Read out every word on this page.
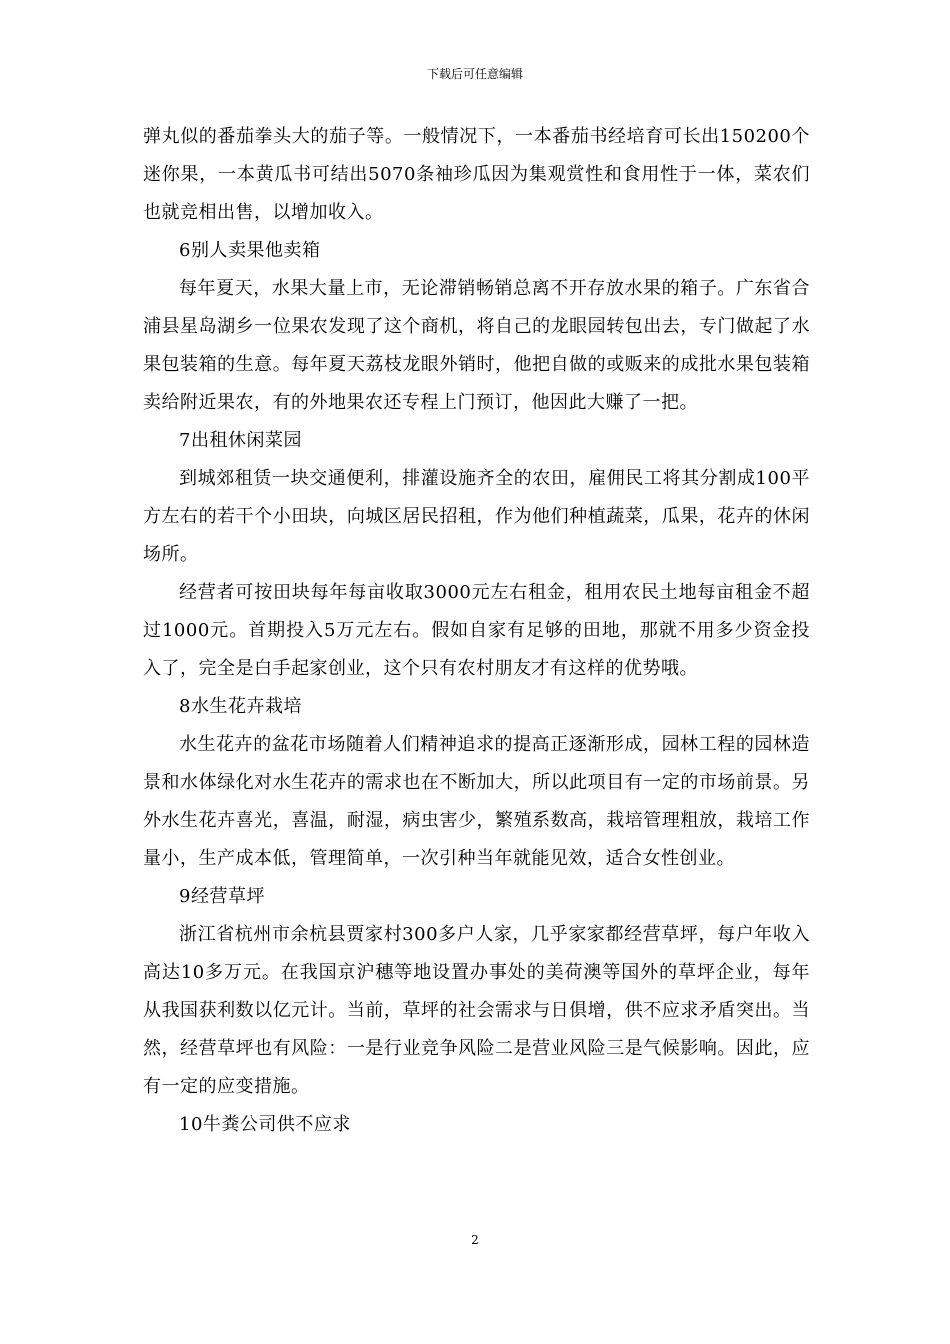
下载后可任意编辑

弹丸似的番茄拳头大的茄子等。一般情况下，一本番茄书经培育可长出150200个迷你果，一本黄瓜书可结出5070条袖珍瓜因为集观赏性和食用性于一体，菜农们也就竞相出售，以增加收入。

6别人卖果他卖箱

每年夏天，水果大量上市，无论滞销畅销总离不开存放水果的箱子。广东省合浦县星岛湖乡一位果农发现了这个商机，将自己的龙眼园转包出去，专门做起了水果包装箱的生意。每年夏天荔枝龙眼外销时，他把自做的或贩来的成批水果包装箱卖给附近果农，有的外地果农还专程上门预订，他因此大赚了一把。

7出租休闲菜园

到城郊租赁一块交通便利，排灌设施齐全的农田，雇佣民工将其分割成100平方左右的若干个小田块，向城区居民招租，作为他们种植蔬菜，瓜果，花卉的休闲场所。

经营者可按田块每年每亩收取3000元左右租金，租用农民土地每亩租金不超过1000元。首期投入5万元左右。假如自家有足够的田地，那就不用多少资金投入了，完全是白手起家创业，这个只有农村朋友才有这样的优势哦。

8水生花卉栽培

水生花卉的盆花市场随着人们精神追求的提高正逐渐形成，园林工程的园林造景和水体绿化对水生花卉的需求也在不断加大，所以此项目有一定的市场前景。另外水生花卉喜光，喜温，耐湿，病虫害少，繁殖系数高，栽培管理粗放，栽培工作量小，生产成本低，管理简单，一次引种当年就能见效，适合女性创业。

9经营草坪

浙江省杭州市余杭县贾家村300多户人家，几乎家家都经营草坪，每户年收入高达10多万元。在我国京沪穗等地设置办事处的美荷澳等国外的草坪企业，每年从我国获利数以亿元计。当前，草坪的社会需求与日俱增，供不应求矛盾突出。当然，经营草坪也有风险：一是行业竞争风险二是营业风险三是气候影响。因此，应有一定的应变措施。

10牛粪公司供不应求
2
